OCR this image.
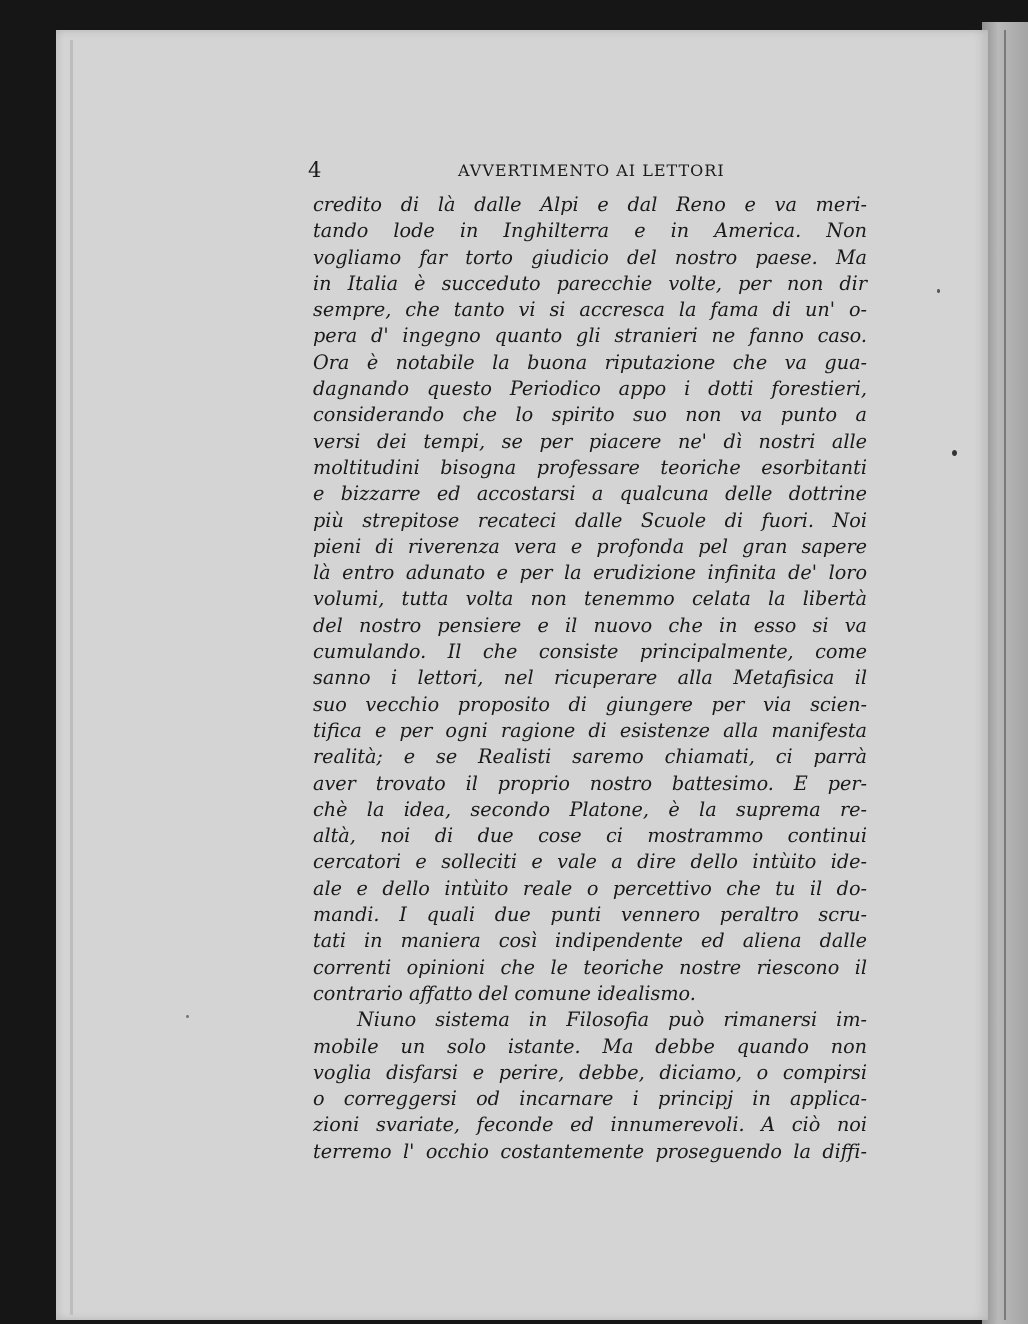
4	AVVERTIMENTO AI LETTORI
credito di là dalle Alpi e dal Reno e va meri-
tando lode in Inghilterra e in America. Non
vogliamo far torto giudicio del nostro paese. Ma
in Italia è succeduto parecchie volte, per non dir
sempre, che tanto vi si accresca la fama di un' o-
pera d' ingegno quanto gli stranieri ne fanno caso.
Ora è notabile la buona riputazione che va gua-
dagnando questo Periodico appo i dotti forestieri,
considerando che lo spirito suo non va punto a
versi dei tempi, se per piacere ne' dì nostri alle
moltitudini bisogna professare teoriche esorbitanti
e bizzarre ed accostarsi a qualcuna delle dottrine
più strepitose recateci dalle Scuole di fuori. Noi
pieni di riverenza vera e profonda pel gran sapere
là entro adunato e per la erudizione infinita de' loro
volumi, tutta volta non tenemmo celata la libertà
del nostro pensiere e il nuovo che in esso si va
cumulando. Il che consiste principalmente, come
sanno i lettori, nel ricuperare alla Metafisica il
suo vecchio proposito di giungere per via scien-
tifica e per ogni ragione di esistenze alla manifesta
realità; e se Realisti saremo chiamati, ci parrà
aver trovato il proprio nostro battesimo. E per-
chè la idea, secondo Platone, è la suprema re-
altà, noi di due cose ci mostrammo continui
cercatori e solleciti e vale a dire dello intùito ide-
ale e dello intùito reale o percettivo che tu il do-
mandi. I quali due punti vennero peraltro scru-
tati in maniera così indipendente ed aliena dalle
correnti opinioni che le teoriche nostre riescono il
contrario affatto del comune idealismo.
Niuno sistema in Filosofia può rimanersi im-
mobile un solo istante. Ma debbe quando non
voglia disfarsi e perire, debbe, diciamo, o compirsi
o correggersi od incarnare i principj in applica-
zioni svariate, feconde ed innumerevoli. A ciò noi
terremo l' occhio costantemente proseguendo la diffi-
